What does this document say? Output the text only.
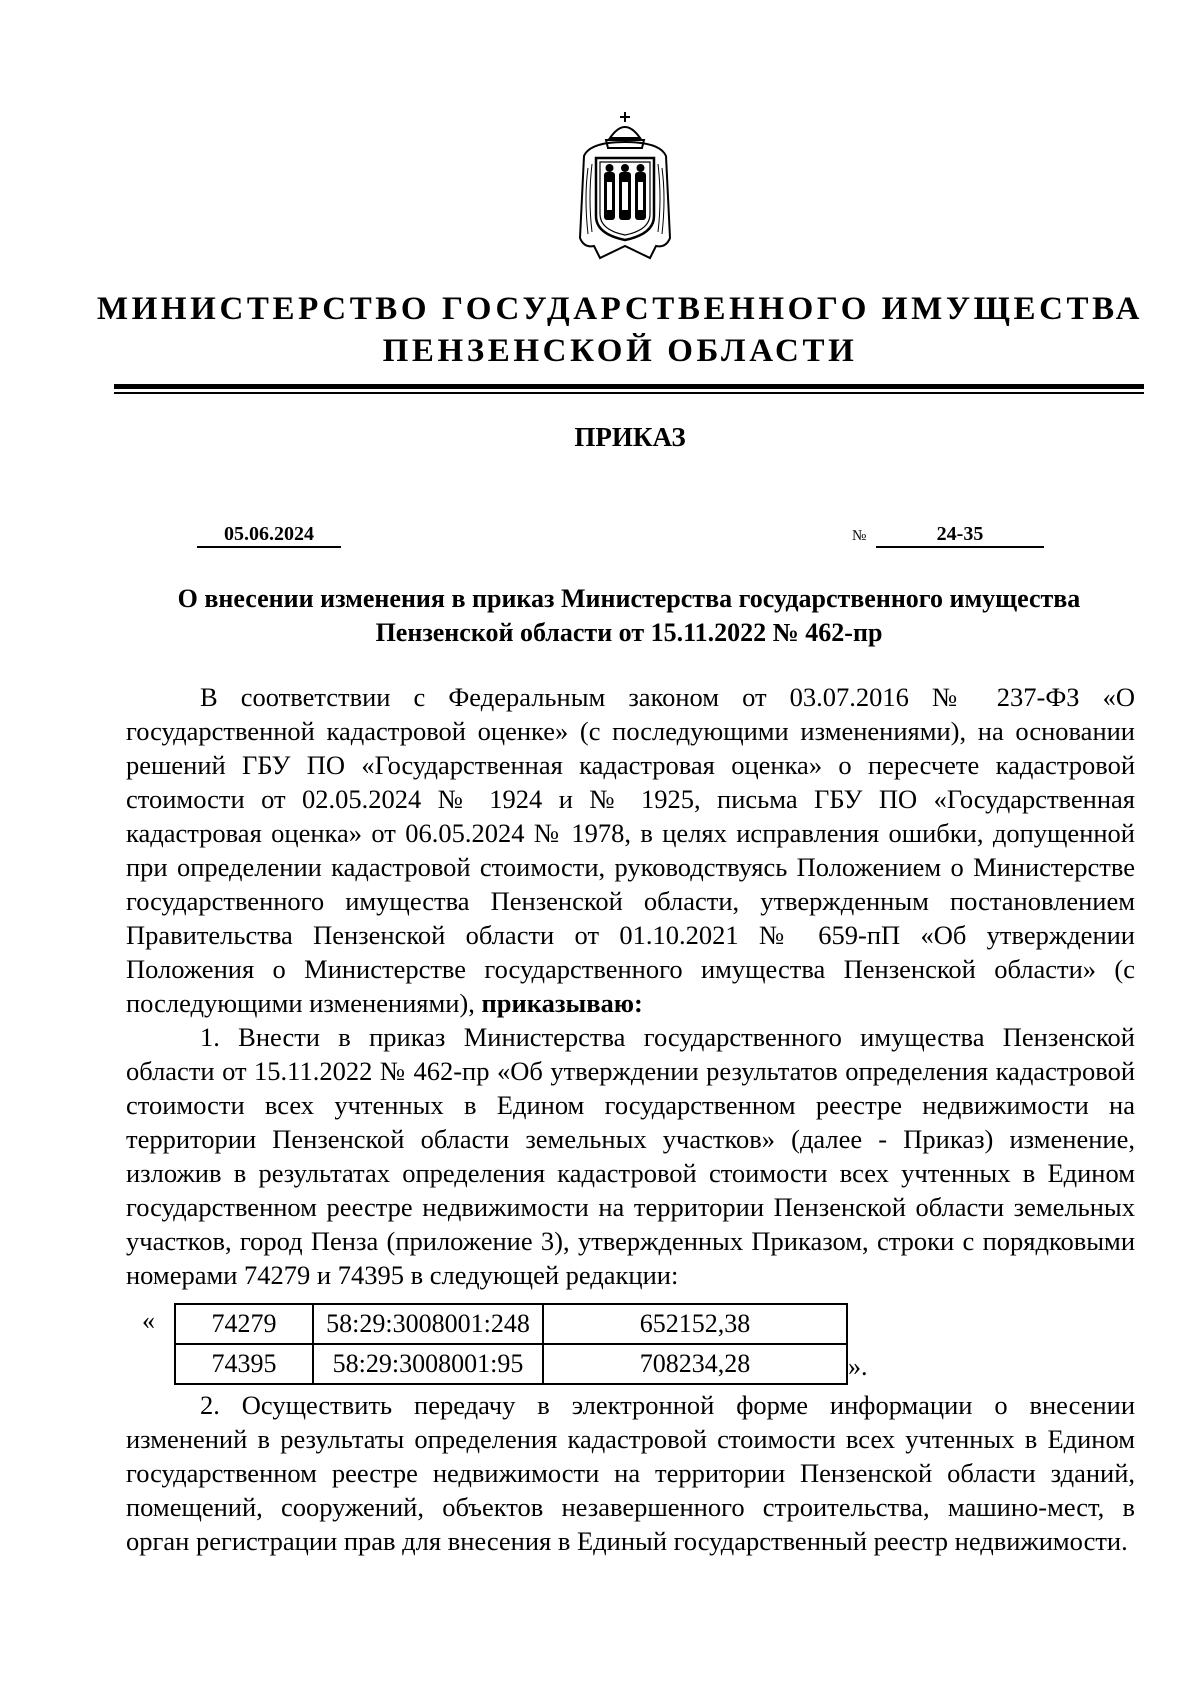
МИНИСТЕРСТВО ГОСУДАРСТВЕННОГО ИМУЩЕСТВА
ПЕНЗЕНСКОЙ ОБЛАСТИ
ПРИКАЗ
05.06.2024	№	24-35
О внесении изменения в приказ Министерства государственного имущества
Пензенской области от 15.11.2022 № 462-пр

В соответствии с Федеральным законом от 03.07.2016 № 237-ФЗ «О государственной кадастровой оценке» (с последующими изменениями), на основании решений ГБУ ПО «Государственная кадастровая оценка» о пересчете кадастровой стоимости от 02.05.2024 № 1924 и № 1925, письма ГБУ ПО «Государственная кадастровая оценка» от 06.05.2024 № 1978, в целях исправления ошибки, допущенной при определении кадастровой стоимости, руководствуясь Положением о Министерстве государственного имущества Пензенской области, утвержденным постановлением Правительства Пензенской области от 01.10.2021 № 659-пП «Об утверждении Положения о Министерстве государственного имущества Пензенской области» (с последующими изменениями), приказываю:

1. Внести в приказ Министерства государственного имущества Пензенской области от 15.11.2022 № 462-пр «Об утверждении результатов определения кадастровой стоимости всех учтенных в Едином государственном реестре недвижимости на территории Пензенской области земельных участков» (далее - Приказ) изменение, изложив в результатах определения кадастровой стоимости всех учтенных в Едином государственном реестре недвижимости на территории Пензенской области земельных участков, город Пенза (приложение 3), утвержденных Приказом, строки с порядковыми номерами 74279 и 74395 в следующей редакции:

« 74279	58:29:3008001:248	652152,38
74395	58:29:3008001:95	708234,28	».

2. Осуществить передачу в электронной форме информации о внесении изменений в результаты определения кадастровой стоимости всех учтенных в Едином государственном реестре недвижимости на территории Пензенской области зданий, помещений, сооружений, объектов незавершенного строительства, машино-мест, в орган регистрации прав для внесения в Единый государственный реестр недвижимости.
